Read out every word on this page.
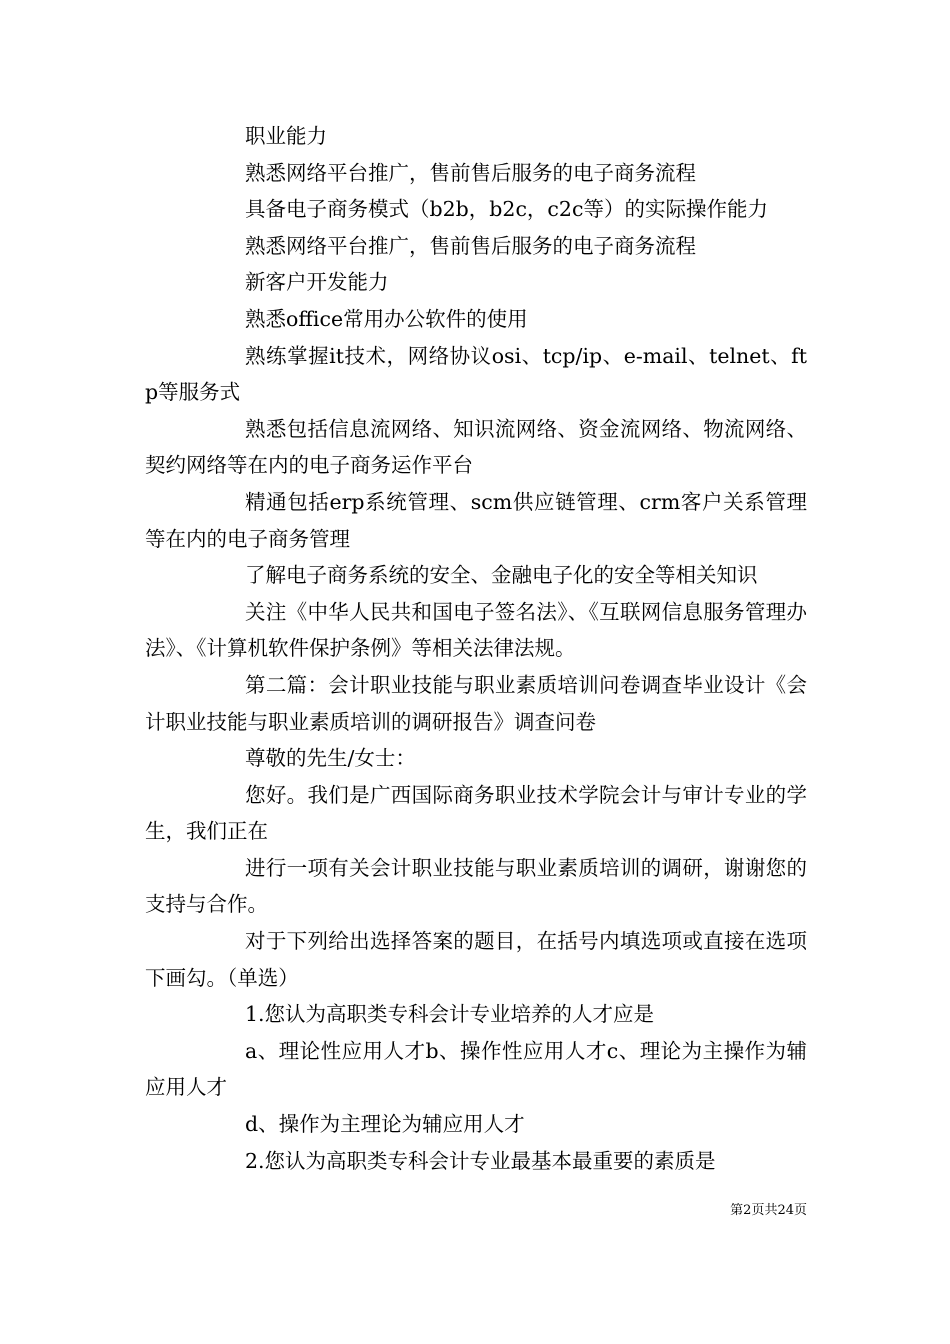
职业能力

熟悉网络平台推广，售前售后服务的电子商务流程

具备电子商务模式（b2b，b2c，c2c等）的实际操作能力

熟悉网络平台推广，售前售后服务的电子商务流程

新客户开发能力

熟悉office常用办公软件的使用

熟练掌握it技术，网络协议osi、tcp/ip、e-mail、telnet、ftp等服务式

熟悉包括信息流网络、知识流网络、资金流网络、物流网络、契约网络等在内的电子商务运作平台

精通包括erp系统管理、scm供应链管理、crm客户关系管理等在内的电子商务管理

了解电子商务系统的安全、金融电子化的安全等相关知识

关注《中华人民共和国电子签名法》、《互联网信息服务管理办法》、《计算机软件保护条例》等相关法律法规。

第二篇：会计职业技能与职业素质培训问卷调查毕业设计《会计职业技能与职业素质培训的调研报告》调查问卷

尊敬的先生/女士：

您好。我们是广西国际商务职业技术学院会计与审计专业的学生，我们正在

进行一项有关会计职业技能与职业素质培训的调研，谢谢您的支持与合作。

对于下列给出选择答案的题目，在括号内填选项或直接在选项下画勾。（单选）

1.您认为高职类专科会计专业培养的人才应是

a、理论性应用人才b、操作性应用人才c、理论为主操作为辅应用人才

d、操作为主理论为辅应用人才

2.您认为高职类专科会计专业最基本最重要的素质是

第2页共24页
